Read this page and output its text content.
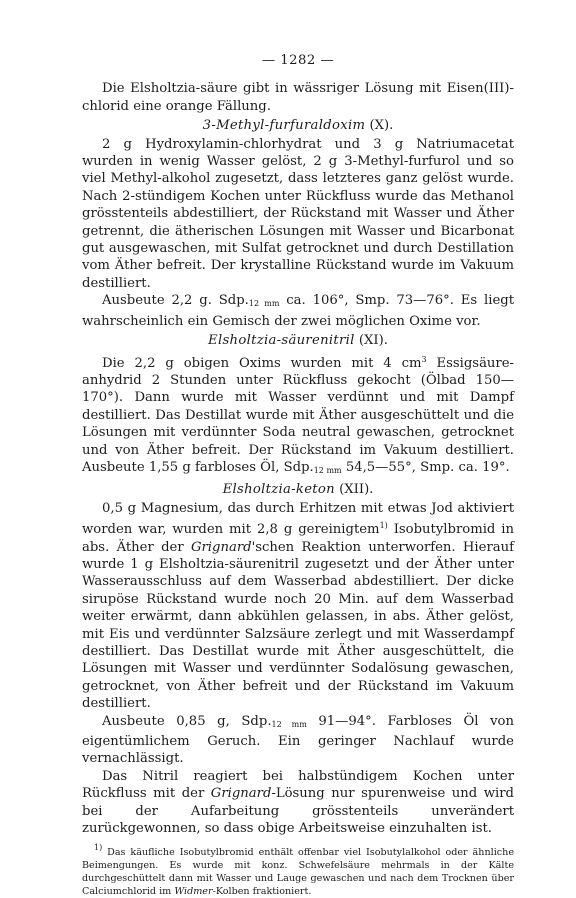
— 1282 —

Die Elsholtzia-säure gibt in wässriger Lösung mit Eisen(III)-chlorid eine orange Fällung.

3-Methyl-furfuraldoxim (X).

2 g Hydroxylamin-chlorhydrat und 3 g Natriumacetat wurden in wenig Wasser gelöst, 2 g 3-Methyl-furfurol und so viel Methyl-alkohol zugesetzt, dass letzteres ganz gelöst wurde. Nach 2-stündigem Kochen unter Rückfluss wurde das Methanol grösstenteils abdestilliert, der Rückstand mit Wasser und Äther getrennt, die ätherischen Lösungen mit Wasser und Bicarbonat gut ausgewaschen, mit Sulfat getrocknet und durch Destillation vom Äther befreit. Der krystalline Rückstand wurde im Vakuum destilliert.

Ausbeute 2,2 g. $Sdp._{12 mm}$ ca. 106°, Smp. 73—76°. Es liegt wahrscheinlich ein Gemisch der zwei möglichen Oxime vor.

Elsholtzia-säurenitril (XI).

Die 2,2 g obigen Oxims wurden mit 4 $cm^3$ Essigsäure-anhydrid 2 Stunden unter Rückfluss gekocht (Ölbad 150—170°). Dann wurde mit Wasser verdünnt und mit Dampf destilliert. Das Destillat wurde mit Äther ausgeschüttelt und die Lösungen mit verdünnter Soda neutral gewaschen, getrocknet und von Äther befreit. Der Rückstand im Vakuum destilliert. Ausbeute 1,55 g farbloses Öl, $Sdp._{12 mm}$ 54,5—55°, Smp. ca. 19°.

Elsholtzia-keton (XII).

0,5 g Magnesium, das durch Erhitzen mit etwas Jod aktiviert worden war, wurden mit 2,8 g gereinigtem$^{1)}$ Isobutylbromid in abs. Äther der Grignard'schen Reaktion unterworfen. Hierauf wurde 1 g Elsholtzia-säurenitril zugesetzt und der Äther unter Wasserausschluss auf dem Wasserbad abdestilliert. Der dicke sirupöse Rückstand wurde noch 20 Min. auf dem Wasserbad weiter erwärmt, dann abkühlen gelassen, in abs. Äther gelöst, mit Eis und verdünnter Salzsäure zerlegt und mit Wasserdampf destilliert. Das Destillat wurde mit Äther ausgeschüttelt, die Lösungen mit Wasser und verdünnter Sodalösung gewaschen, getrocknet, von Äther befreit und der Rückstand im Vakuum destilliert.

Ausbeute 0,85 g, $Sdp._{12 mm}$ 91—94°. Farbloses Öl von eigentümlichem Geruch. Ein geringer Nachlauf wurde vernachlässigt.

Das Nitril reagiert bei halbstündigem Kochen unter Rückfluss mit der Grignard-Lösung nur spurenweise und wird bei der Aufarbeitung grösstenteils unverändert zurückgewonnen, so dass obige Arbeitsweise einzuhalten ist.

$^{1)}$ Das käufliche Isobutylbromid enthält offenbar viel Isobutylalkohol oder ähnliche Beimengungen. Es wurde mit konz. Schwefelsäure mehrmals in der Kälte durchgeschüttelt dann mit Wasser und Lauge gewaschen und nach dem Trocknen über Calciumchlorid im Widmer-Kolben fraktioniert.
